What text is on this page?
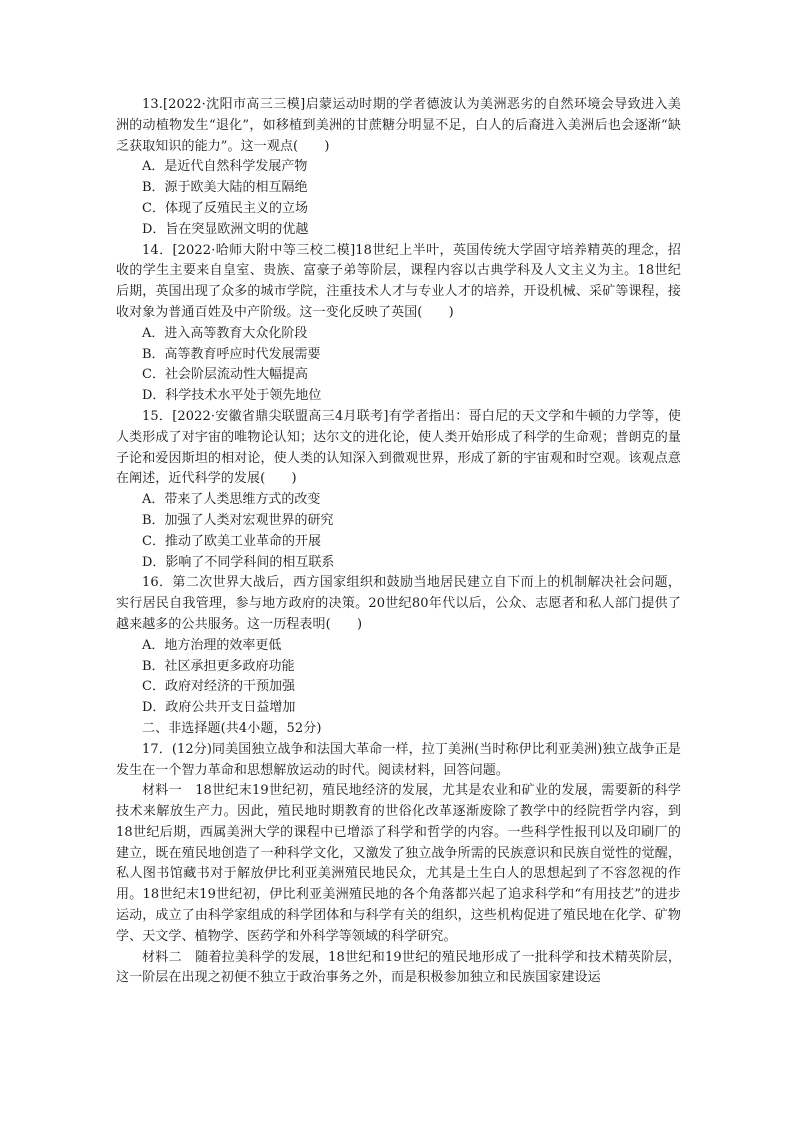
13.[2022·沈阳市高三三模]启蒙运动时期的学者德波认为美洲恶劣的自然环境会导致进入美洲的动植物发生“退化”，如移植到美洲的甘蔗糖分明显不足，白人的后裔进入美洲后也会逐渐“缺乏获取知识的能力”。这一观点(　　)

A．是近代自然科学发展产物

B．源于欧美大陆的相互隔绝

C．体现了反殖民主义的立场

D．旨在突显欧洲文明的优越

14．[2022·哈师大附中等三校二模]18世纪上半叶，英国传统大学固守培养精英的理念，招收的学生主要来自皇室、贵族、富豪子弟等阶层，课程内容以古典学科及人文主义为主。18世纪后期，英国出现了众多的城市学院，注重技术人才与专业人才的培养，开设机械、采矿等课程，接收对象为普通百姓及中产阶级。这一变化反映了英国(　　)

A．进入高等教育大众化阶段

B．高等教育呼应时代发展需要

C．社会阶层流动性大幅提高

D．科学技术水平处于领先地位

15．[2022·安徽省鼎尖联盟高三4月联考]有学者指出：哥白尼的天文学和牛顿的力学等，使人类形成了对宇宙的唯物论认知；达尔文的进化论，使人类开始形成了科学的生命观；普朗克的量子论和爱因斯坦的相对论，使人类的认知深入到微观世界，形成了新的宇宙观和时空观。该观点意在阐述，近代科学的发展(　　)

A．带来了人类思维方式的改变

B．加强了人类对宏观世界的研究

C．推动了欧美工业革命的开展

D．影响了不同学科间的相互联系

16．第二次世界大战后，西方国家组织和鼓励当地居民建立自下而上的机制解决社会问题，实行居民自我管理，参与地方政府的决策。20世纪80年代以后，公众、志愿者和私人部门提供了越来越多的公共服务。这一历程表明(　　)

A．地方治理的效率更低

B．社区承担更多政府功能

C．政府对经济的干预加强

D．政府公共开支日益增加

二、非选择题(共4小题，52分)

17．(12分)同美国独立战争和法国大革命一样，拉丁美洲(当时称伊比利亚美洲)独立战争正是发生在一个智力革命和思想解放运动的时代。阅读材料，回答问题。

材料一　18世纪末19世纪初，殖民地经济的发展，尤其是农业和矿业的发展，需要新的科学技术来解放生产力。因此，殖民地时期教育的世俗化改革逐渐废除了教学中的经院哲学内容，到18世纪后期，西属美洲大学的课程中已增添了科学和哲学的内容。一些科学性报刊以及印刷厂的建立，既在殖民地创造了一种科学文化，又激发了独立战争所需的民族意识和民族自觉性的觉醒，私人图书馆藏书对于解放伊比利亚美洲殖民地民众，尤其是土生白人的思想起到了不容忽视的作用。18世纪末19世纪初，伊比利亚美洲殖民地的各个角落都兴起了追求科学和“有用技艺”的进步运动，成立了由科学家组成的科学团体和与科学有关的组织，这些机构促进了殖民地在化学、矿物学、天文学、植物学、医药学和外科学等领域的科学研究。

材料二　随着拉美科学的发展，18世纪和19世纪的殖民地形成了一批科学和技术精英阶层，这一阶层在出现之初便不独立于政治事务之外，而是积极参加独立和民族国家建设运
